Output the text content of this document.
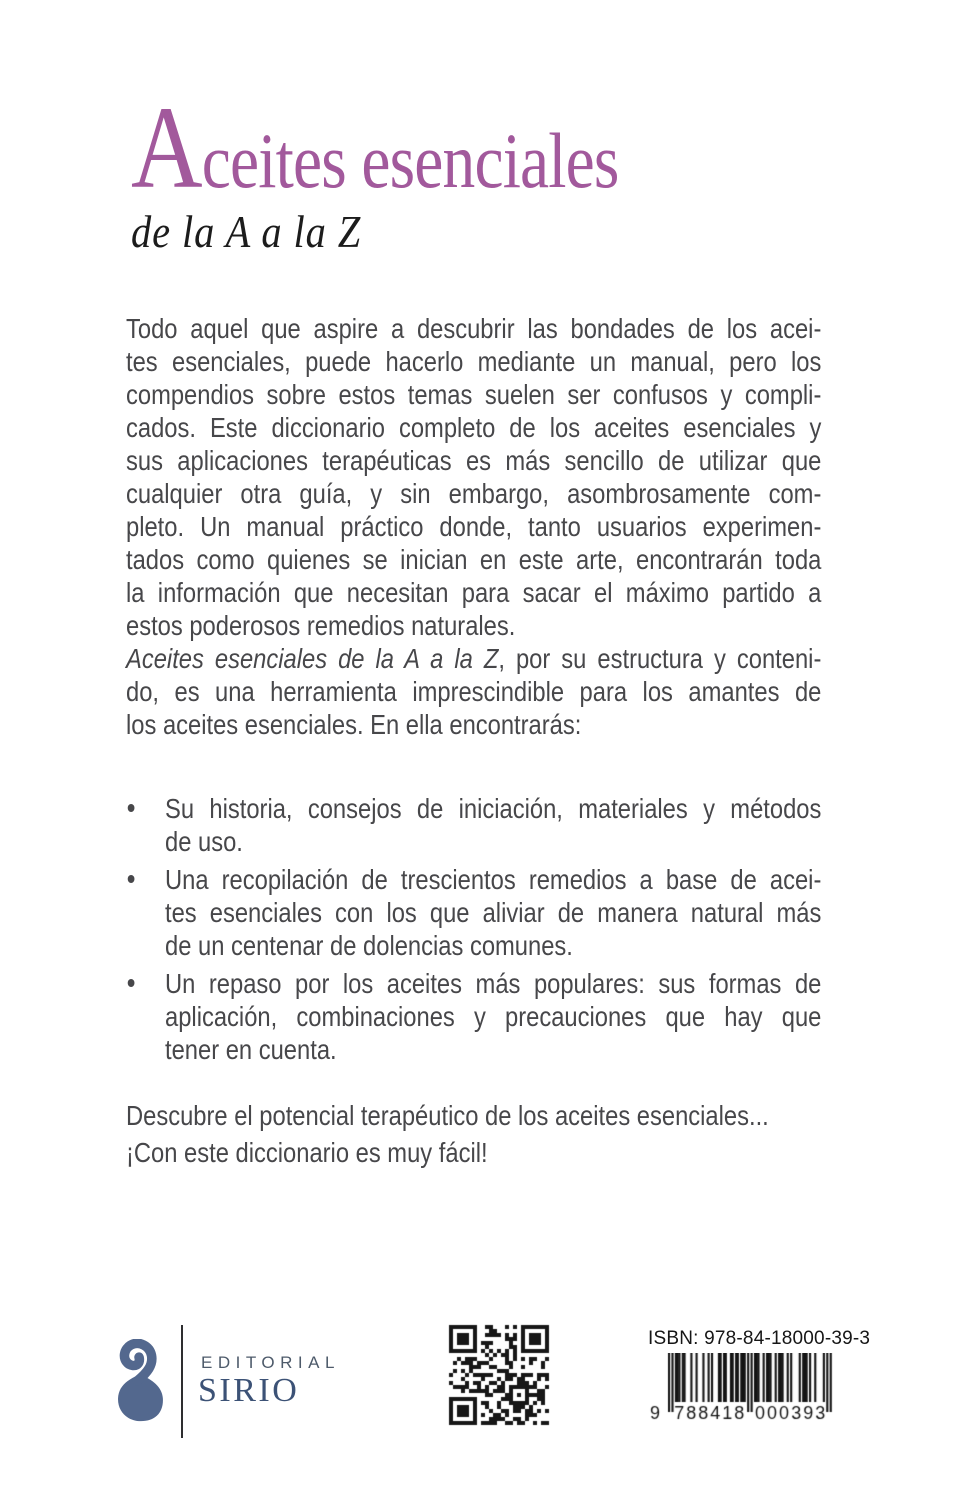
Aceites esenciales
de la A a la Z
Todo aquel que aspire a descubrir las bondades de los acei-
tes esenciales, puede hacerlo mediante un manual, pero los
compendios sobre estos temas suelen ser confusos y compli-
cados. Este diccionario completo de los aceites esenciales y
sus aplicaciones terapéuticas es más sencillo de utilizar que
cualquier otra guía, y sin embargo, asombrosamente com-
pleto. Un manual práctico donde, tanto usuarios experimen-
tados como quienes se inician en este arte, encontrarán toda
la información que necesitan para sacar el máximo partido a
estos poderosos remedios naturales.
Aceites esenciales de la A a la Z, por su estructura y conteni-
do, es una herramienta imprescindible para los amantes de
los aceites esenciales. En ella encontrarás:
Su historia, consejos de iniciación, materiales y métodos
de uso.
Una recopilación de trescientos remedios a base de acei-
tes esenciales con los que aliviar de manera natural más
de un centenar de dolencias comunes.
Un repaso por los aceites más populares: sus formas de
aplicación, combinaciones y precauciones que hay que
tener en cuenta.

Descubre el potencial terapéutico de los aceites esenciales...
¡Con este diccionario es muy fácil!

EDITORIAL
SIRIO
ISBN: 978-84-18000-39-3
